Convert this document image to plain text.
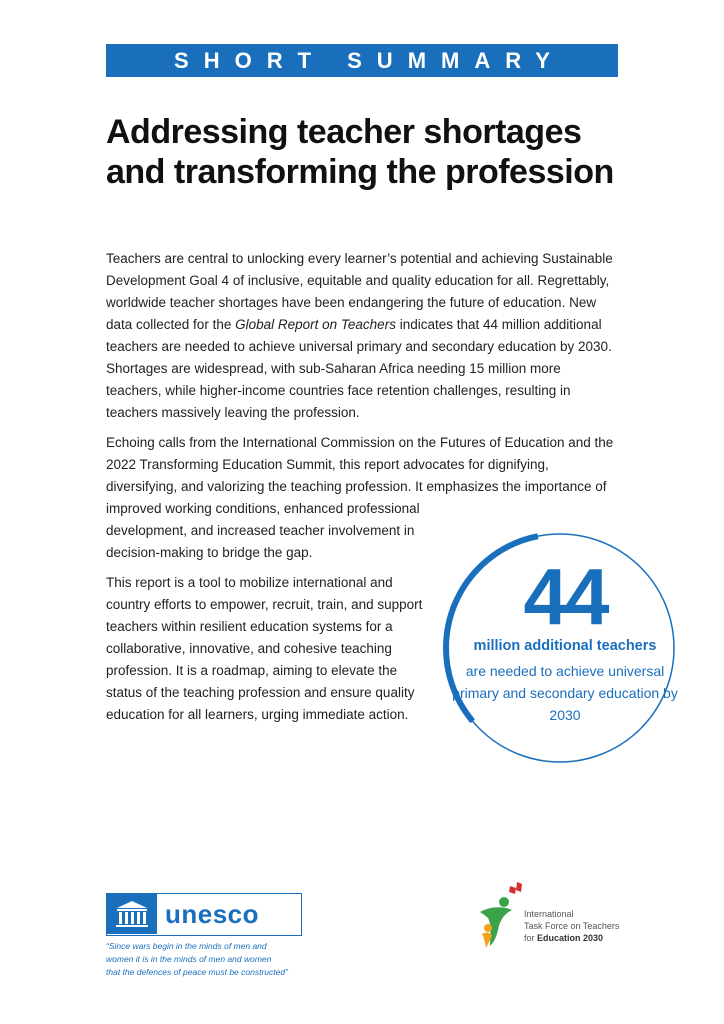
SHORT SUMMARY
Addressing teacher shortages and transforming the profession

Teachers are central to unlocking every learner’s potential and achieving Sustainable Development Goal 4 of inclusive, equitable and quality education for all. Regrettably, worldwide teacher shortages have been endangering the future of education. New data collected for the Global Report on Teachers indicates that 44 million additional teachers are needed to achieve universal primary and secondary education by 2030. Shortages are widespread, with sub-Saharan Africa needing 15 million more teachers, while higher-income countries face retention challenges, resulting in teachers massively leaving the profession.

Echoing calls from the International Commission on the Futures of Education and the 2022 Transforming Education Summit, this report advocates for dignifying, diversifying, and valorizing the teaching profession. It emphasizes the importance of
improved working conditions, enhanced professional
development, and increased teacher involvement in
decision-making to bridge the gap.

This report is a tool to mobilize international and country efforts to empower, recruit, train, and support teachers within resilient education systems for a collaborative, innovative, and cohesive teaching profession. It is a roadmap, aiming to elevate the status of the teaching profession and ensure quality education for all learners, urging immediate action.

44
million additional teachers
are needed to achieve universal primary and secondary education by 2030
unesco

“Since wars begin in the minds of men and
women it is in the minds of men and women
that the defences of peace must be constructed”

International
Task Force on Teachers
for Education 2030
